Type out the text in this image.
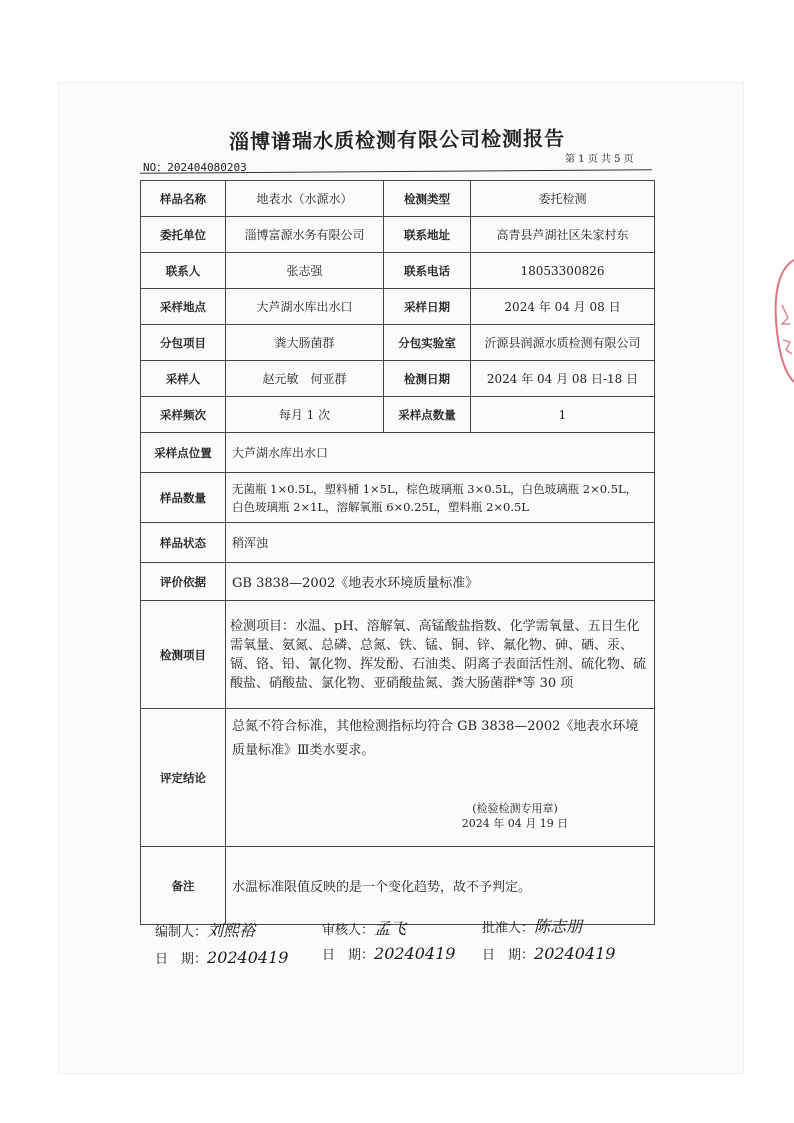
淄博谱瑞水质检测有限公司检测报告
第 1 页 共 5 页
NO：202404080203
样品名称	地表水（水源水）	检测类型	委托检测
委托单位	淄博富源水务有限公司	联系地址	高青县芦湖社区朱家村东
联系人	张志强	联系电话	18053300826
采样地点	大芦湖水库出水口	采样日期	2024 年 04 月 08 日
分包项目	粪大肠菌群	分包实验室	沂源县润源水质检测有限公司
采样人	赵元敏　何亚群	检测日期	2024 年 04 月 08 日-18 日
采样频次	每月 1 次	采样点数量	1
采样点位置	大芦湖水库出水口		
样品数量	无菌瓶 1×0.5L，塑料桶 1×5L，棕色玻璃瓶 3×0.5L，白色玻璃瓶 2×0.5L，白色玻璃瓶 2×1L，溶解氧瓶 6×0.25L，塑料瓶 2×0.5L		
样品状态	稍浑浊		
评价依据	GB 3838—2002《地表水环境质量标准》		
检测项目	检测项目：水温、pH、溶解氧、高锰酸盐指数、化学需氧量、五日生化需氧量、氨氮、总磷、总氮、铁、锰、铜、锌、氟化物、砷、硒、汞、镉、铬、铅、氰化物、挥发酚、石油类、阴离子表面活性剂、硫化物、硫酸盐、硝酸盐、氯化物、亚硝酸盐氮、粪大肠菌群*等 30 项		
评定结论	总氮不符合标准，其他检测指标均符合 GB 3838—2002《地表水环境质量标准》Ⅲ类水要求。
(检验检测专用章)
2024 年 04 月 19 日		

备注	水温标准限值反映的是一个变化趋势，故不予判定。		
编制人：刘熙裕	审核人：孟飞	批准人：陈志朋
日　期：20240419	日　期：20240419 日　期：20240419
